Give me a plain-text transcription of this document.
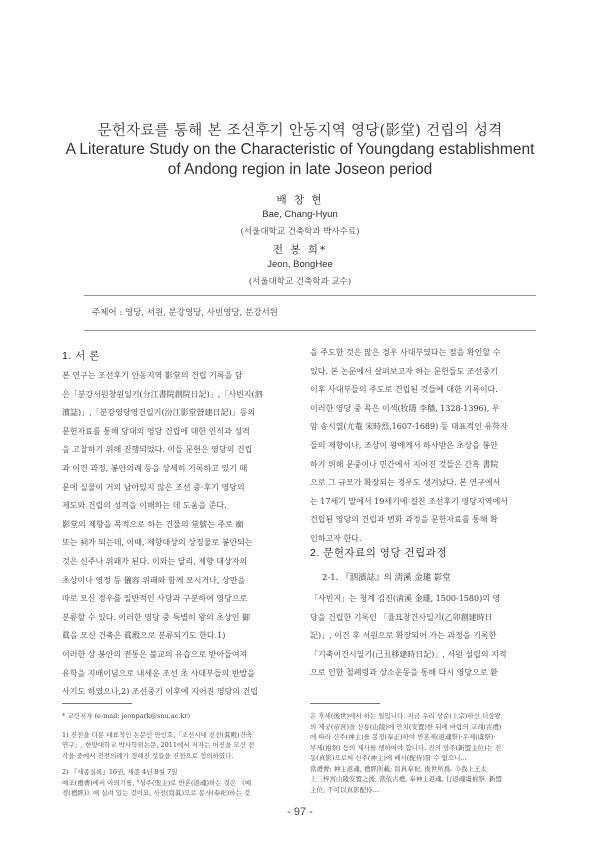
문헌자료를 통해 본 조선후기 안동지역 영당(影堂) 건립의 성격
A Literature Study on the Characteristic of Youngdang establishment
of Andong region in late Joseon period
배 창 현
Bae, Chang-Hyun
(서울대학교 건축학과 박사수료)
전 봉 희*
Jeon, BongHee
(서울대학교 건축학과 교수)
주제어 : 영당, 서원, 분강영당, 사빈영당, 분강서원
1. 서 론
본 연구는 조선후기 안동지역 影堂의 건립 기록을 담
은「분강서원창원일기(分江書院創院日記)」,「사빈지(泗
濱誌)」,「분강영당영건일기(汾江影堂營建日記)」등의
문헌자료를 통해 당대의 영당 건립에 대한 인식과 성격
을 고찰하기 위해 진행되었다. 이들 문헌은 영당의 건립
과 이건 과정, 봉안의례 등을 상세히 기록하고 있기 때
문에 실물이 거의 남아있지 않은 조선 중·후기 영당의
제도와 건립의 성격을 이해하는 데 도움을 준다.
影堂의 제향을 목적으로 하는 건물의 堂號는 주로 廟
또는 祠가 되는데, 이때, 제향대상의 상징물로 봉안되는
것은 신주나 위패가 된다. 이와는 달리, 제향 대상자의
초상이나 영정 등 儀容 위패와 함께 모시거나, 상만을
따로 모신 경우를 일반적인 사당과 구분하여 영당으로
분류할 수 있다. 이러한 영당 중 특별히 왕의 초상인 御
眞을 모신 건축은 眞殿으로 분류되기도 한다.1)
이러한 상 봉안의 전통은 불교의 유습으로 받아들여져
유학을 지배이념으로 내세운 조선 초 사대부들의 반발을
사기도 하였으나,2) 조선중기 이후에 지어진 영당의 건립
* 교신저자 (e-mail: jeonpark@snu.ac.kr)
1) 진전을 다룬 대표적인 논문인 안인호,「조선시대 진전(眞殿)건축
연구」, 한양대학교 박사학위논문, 2011에서 저자는 어진을 모신 전
각을 중에서 진전의례가 정해진 것들을 진전으로 정의하였다.
2) 『세종실록』16권, 세종 4년 8월 7일
예조(禮曹)에서 아뢰기를, "성주(聖主)로 반혼(返魂)하는 것은 《예
경(禮經)》에 실려 있는 것이요, 사전(寫眞)으로 봉사(奉祀)하는 것
을 주도한 것은 많은 경우 사대부였다는 점을 확인할 수
있다. 본 논문에서 살펴보고자 하는 문헌들도 조선중기
이후 사대부들의 주도로 건립된 것들에 대한 기록이다.
이러한 영당 중 목은 이색(牧隱 李穡, 1328-1396), 우
암 송시열(尤菴 宋時烈,1607-1689) 등 대표적인 유학자
들의 제향이나, 조상이 왕에게서 하사받은 초상을 봉안
하기 위해 문중이나 민간에서 지어진 것들은 간혹 書院
으로 그 규모가 확장되는 경우도 생겨났다. 본 연구에서
는 17세기 말에서 19세기에 걸친 조선후기 영당지역에서
건립된 영당의 건립과 변화 과정을 문헌자료를 통해 확
인하고자 한다.
2. 문헌자료의 영당 건립과정
2-1. 『泗濱誌』의 淸溪 金璡 影堂
「사빈지」는 청계 김진(淸溪 金璡, 1500-1580)의 영
당을 건립한 기록인 「율묘창건사일기(乙卯創建時日
記)」, 이건 후 서원으로 확장되어 가는 과정을 기록한
「기축이건시일기(己丑移建時日記)」, 서원 설립의 지적
으로 인한 철폐령과 상소운동을 통해 다시 영당으로 환
은 후세(後世)에서 하는 일입니다. 지금 우리 상순(上宗)하신 더상왕
의 제궁(帝宮)을 산릉(山陵)에 안치(安置)한 뒤에 바람의 교례(古禮)
에 따라 신주(神主)를 봉정(奉正)하여 반혼제(返魂祭)·우제(虞祭)·
부제(祔祭) 등의 제사를 행하여야 합니다. 진의 망주(新盟主位)는 진
동(真影)으로써 신주(神主)에 배시(配侍)할 수 없으니...
當禮曹: 神主返魂, 禮經所載; 寫真奉祀, 後世所爲. 今我上王太
上三梓宮山陵安置之後, 當依古禮, 奉神主返魂, 行返魂虞祔祭. 新盟
主位, 不可以真影配侍...
- 97 -
